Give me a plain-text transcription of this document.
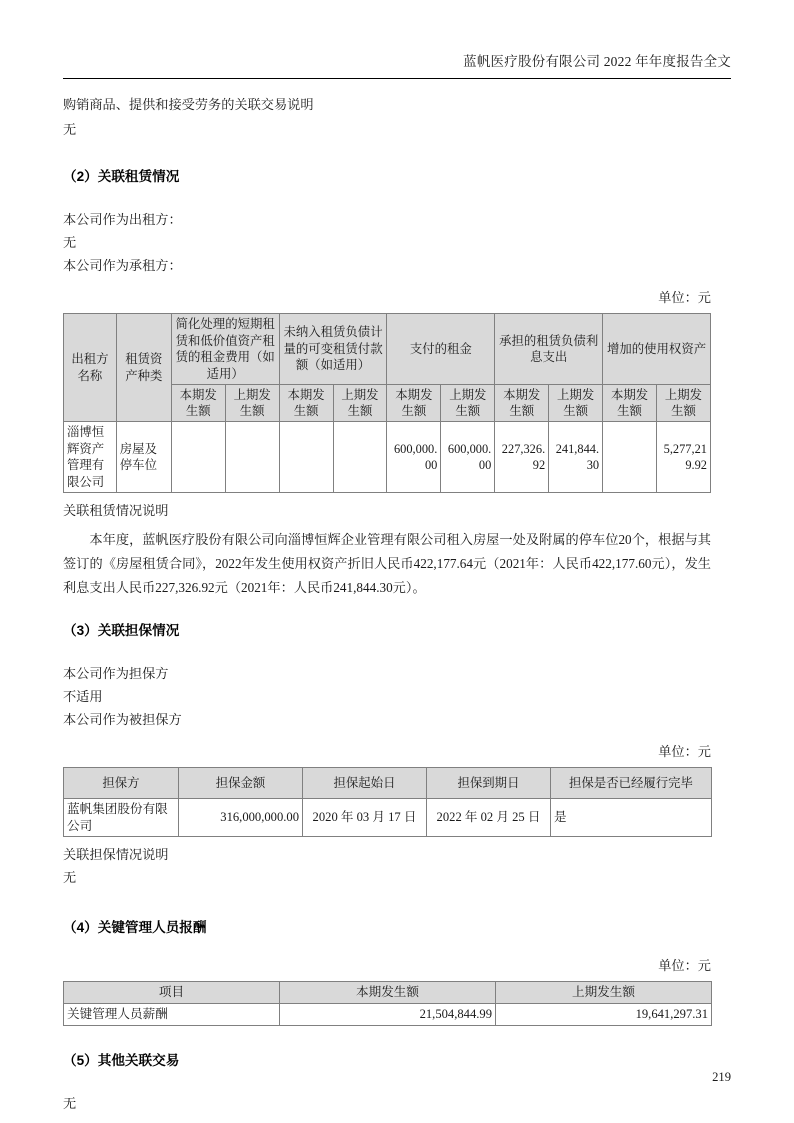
蓝帆医疗股份有限公司 2022 年年度报告全文
购销商品、提供和接受劳务的关联交易说明
无
（2）关联租赁情况
本公司作为出租方：
无
本公司作为承租方：
单位：元
出租方名称	租赁资产种类	简化处理的短期租赁和低价值资产租赁的租金费用（如适用）		未纳入租赁负债计量的可变租赁付款额（如适用）		支付的租金		承担的租赁负债利息支出		增加的使用权资产	
		本期发生额	上期发生额	本期发生额	上期发生额	本期发生额	上期发生额	本期发生额	上期发生额	本期发生额	上期发生额
淄博恒辉资产管理有限公司	房屋及停车位					600,000.00	600,000.00	227,326.92	241,844.30		5,277,219.92
关联租赁情况说明
本年度，蓝帆医疗股份有限公司向淄博恒辉企业管理有限公司租入房屋一处及附属的停车位20个，根据与其签订的《房屋租赁合同》，2022年发生使用权资产折旧人民币422,177.64元（2021年：人民币422,177.60元），发生利息支出人民币227,326.92元（2021年：人民币241,844.30元）。
（3）关联担保情况
本公司作为担保方
不适用
本公司作为被担保方
单位：元
担保方	担保金额	担保起始日	担保到期日	担保是否已经履行完毕
蓝帆集团股份有限公司	316,000,000.00	2020 年 03 月 17 日	2022 年 02 月 25 日	是
关联担保情况说明
无
（4）关键管理人员报酬
单位：元
项目	本期发生额	上期发生额
关键管理人员薪酬	21,504,844.99	19,641,297.31
（5）其他关联交易
无
219
